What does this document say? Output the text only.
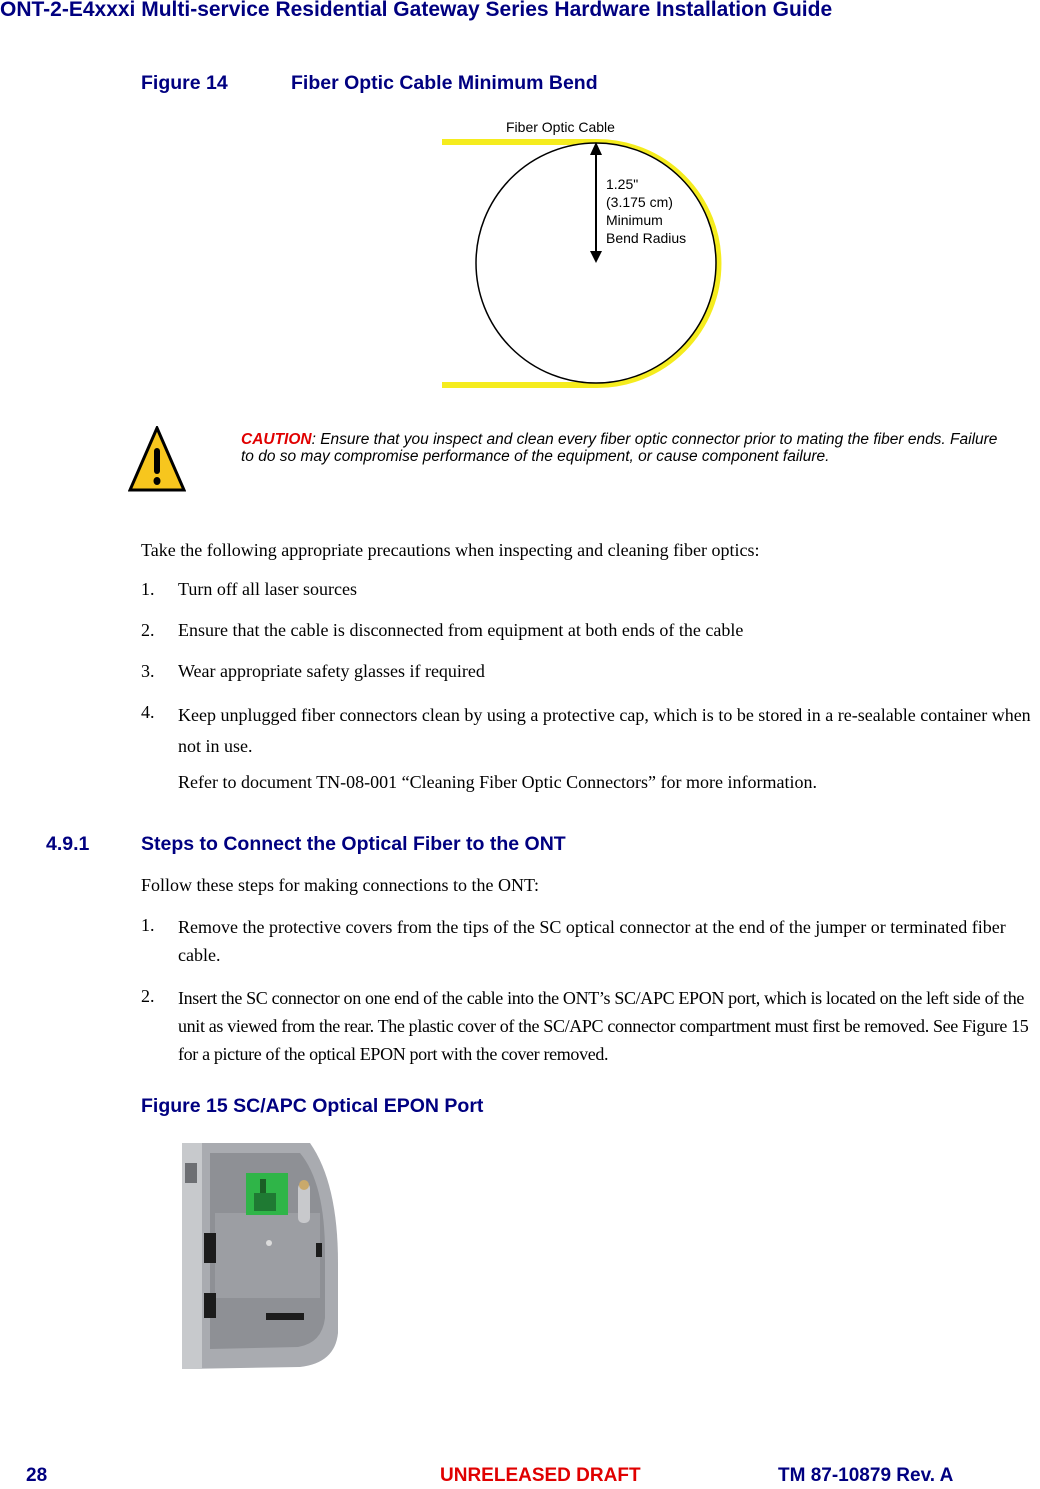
ONT-2-E4xxxi Multi-service Residential Gateway Series Hardware Installation Guide
Figure 14	Fiber Optic Cable Minimum Bend
Fiber Optic Cable
1.25"
(3.175 cm)
Minimum
Bend Radius
CAUTION: Ensure that you inspect and clean every fiber optic connector prior to mating the fiber ends. Failure to do so may compromise performance of the equipment, or cause component failure.
Take the following appropriate precautions when inspecting and cleaning fiber optics:
1. Turn off all laser sources
2. Ensure that the cable is disconnected from equipment at both ends of the cable
3. Wear appropriate safety glasses if required
4. Keep unplugged fiber connectors clean by using a protective cap, which is to be stored in a re-sealable container when not in use.
Refer to document TN-08-001 “Cleaning Fiber Optic Connectors” for more information.
4.9.1	Steps to Connect the Optical Fiber to the ONT
Follow these steps for making connections to the ONT:
1. Remove the protective covers from the tips of the SC optical connector at the end of the jumper or terminated fiber cable.
2. Insert the SC connector on one end of the cable into the ONT’s SC/APC EPON port, which is located on the left side of the unit as viewed from the rear. The plastic cover of the SC/APC connector compartment must first be removed. See Figure 15 for a picture of the optical EPON port with the cover removed.
Figure 15 SC/APC Optical EPON Port
28	UNRELEASED DRAFT	TM 87-10879 Rev. A
